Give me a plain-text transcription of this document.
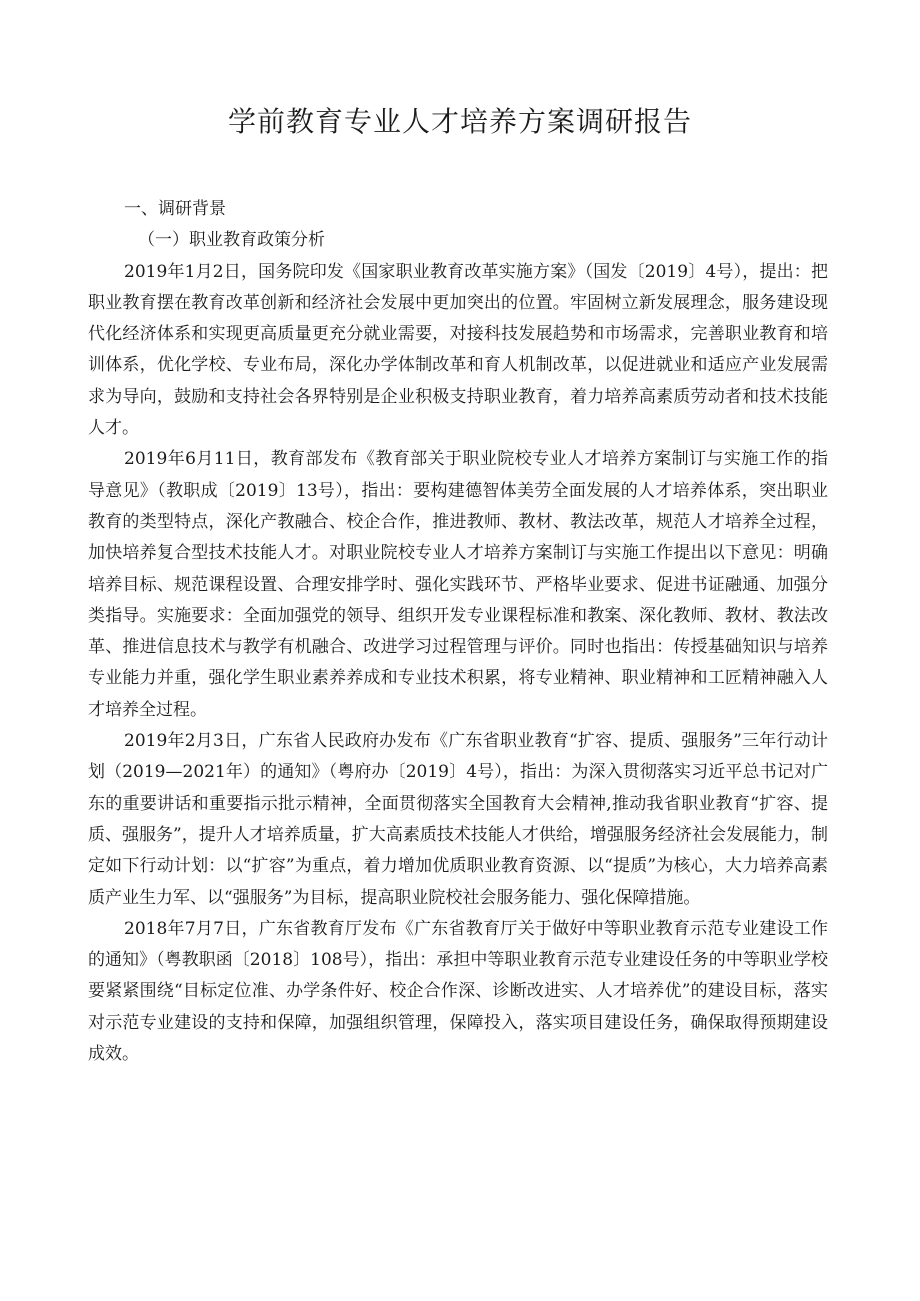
学前教育专业人才培养方案调研报告
一、调研背景
（一）职业教育政策分析

2019年1月2日，国务院印发《国家职业教育改革实施方案》（国发〔2019〕4号），提出：把职业教育摆在教育改革创新和经济社会发展中更加突出的位置。牢固树立新发展理念，服务建设现代化经济体系和实现更高质量更充分就业需要，对接科技发展趋势和市场需求，完善职业教育和培训体系，优化学校、专业布局，深化办学体制改革和育人机制改革，以促进就业和适应产业发展需求为导向，鼓励和支持社会各界特别是企业积极支持职业教育，着力培养高素质劳动者和技术技能人才。

2019年6月11日，教育部发布《教育部关于职业院校专业人才培养方案制订与实施工作的指导意见》（教职成〔2019〕13号），指出：要构建德智体美劳全面发展的人才培养体系，突出职业教育的类型特点，深化产教融合、校企合作，推进教师、教材、教法改革，规范人才培养全过程，加快培养复合型技术技能人才。对职业院校专业人才培养方案制订与实施工作提出以下意见：明确培养目标、规范课程设置、合理安排学时、强化实践环节、严格毕业要求、促进书证融通、加强分类指导。实施要求：全面加强党的领导、组织开发专业课程标准和教案、深化教师、教材、教法改革、推进信息技术与教学有机融合、改进学习过程管理与评价。同时也指出：传授基础知识与培养专业能力并重，强化学生职业素养养成和专业技术积累，将专业精神、职业精神和工匠精神融入人才培养全过程。

2019年2月3日，广东省人民政府办发布《广东省职业教育“扩容、提质、强服务”三年行动计划（2019—2021年）的通知》（粤府办〔2019〕4号），指出：为深入贯彻落实习近平总书记对广东的重要讲话和重要指示批示精神，全面贯彻落实全国教育大会精神,推动我省职业教育“扩容、提质、强服务”，提升人才培养质量，扩大高素质技术技能人才供给，增强服务经济社会发展能力，制定如下行动计划：以“扩容”为重点，着力增加优质职业教育资源、以“提质”为核心，大力培养高素质产业生力军、以“强服务”为目标，提高职业院校社会服务能力、强化保障措施。

2018年7月7日，广东省教育厅发布《广东省教育厅关于做好中等职业教育示范专业建设工作的通知》（粤教职函〔2018〕108号），指出：承担中等职业教育示范专业建设任务的中等职业学校要紧紧围绕“目标定位准、办学条件好、校企合作深、诊断改进实、人才培养优”的建设目标，落实对示范专业建设的支持和保障，加强组织管理，保障投入，落实项目建设任务，确保取得预期建设成效。
